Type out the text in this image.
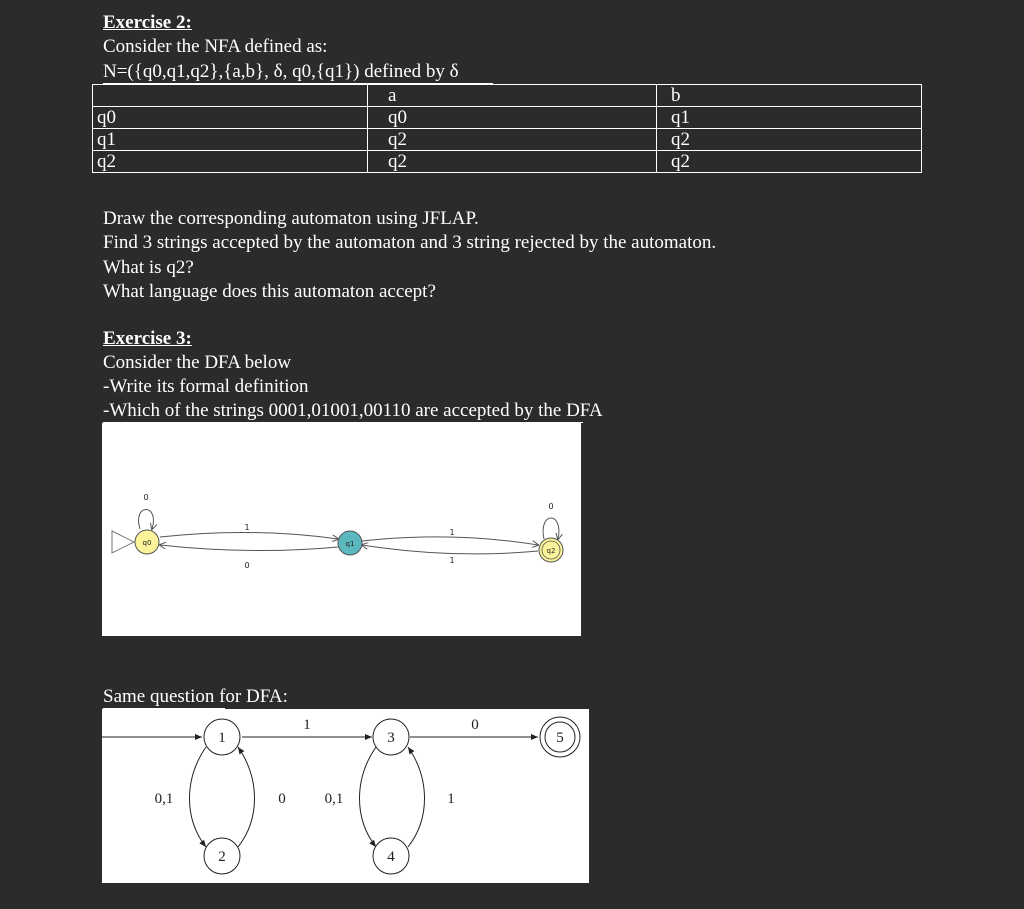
Exercise 2:
Consider the NFA defined as:
N=({q0,q1,q2},{a,b}, δ, q0,{q1}) defined by δ
	a	b
q0	q0	q1
q1	q2	q2
q2	q2	q2
Draw the corresponding automaton using JFLAP.
Find 3 strings accepted by the automaton and 3 string rejected by the automaton.
What is q2?
What language does this automaton accept?
Exercise 3:
Consider the DFA below
-Write its formal definition
-Which of the strings 0001,01001,00110 are accepted by the DFA
0
1
0
1
1
0
q0	q1
q2
Same question for DFA:
1	0
0,1	0	0,1	1
1
2
3
4
5
